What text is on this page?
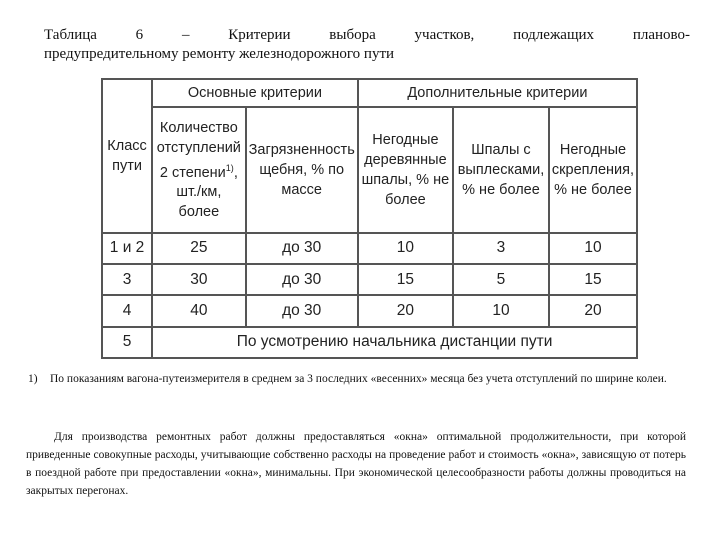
Таблица 6 – Критерии выбора участков, подлежащих планово-
предупредительному ремонту железнодорожного пути
Класс пути	Основные критерии		Дополнительные критерии		
	Количество отступлений 2 степени$^{1)}$, шт./км, более	Загрязненность щебня, % по массе	Негодные деревянные шпалы, % не более	Шпалы с выплесками, % не более	Негодные скрепления, % не более
1 и 2	25	до 30	10	3	10
3	30	до 30	15	5	15
4	40	до 30	20	10	20
5	По усмотрению начальника дистанции пути				
1) По показаниям вагона-путеизмерителя в среднем за 3 последних «весенних» месяца без учета отступлений по ширине колеи.
Для производства ремонтных работ должны предоставляться «окна» оптимальной продолжительности, при которой приведенные совокупные расходы, учитывающие собственно расходы на проведение работ и стоимость «окна», зависящую от потерь в поездной работе при предоставлении «окна», минимальны. При экономической целесообразности работы должны проводиться на закрытых перегонах.
